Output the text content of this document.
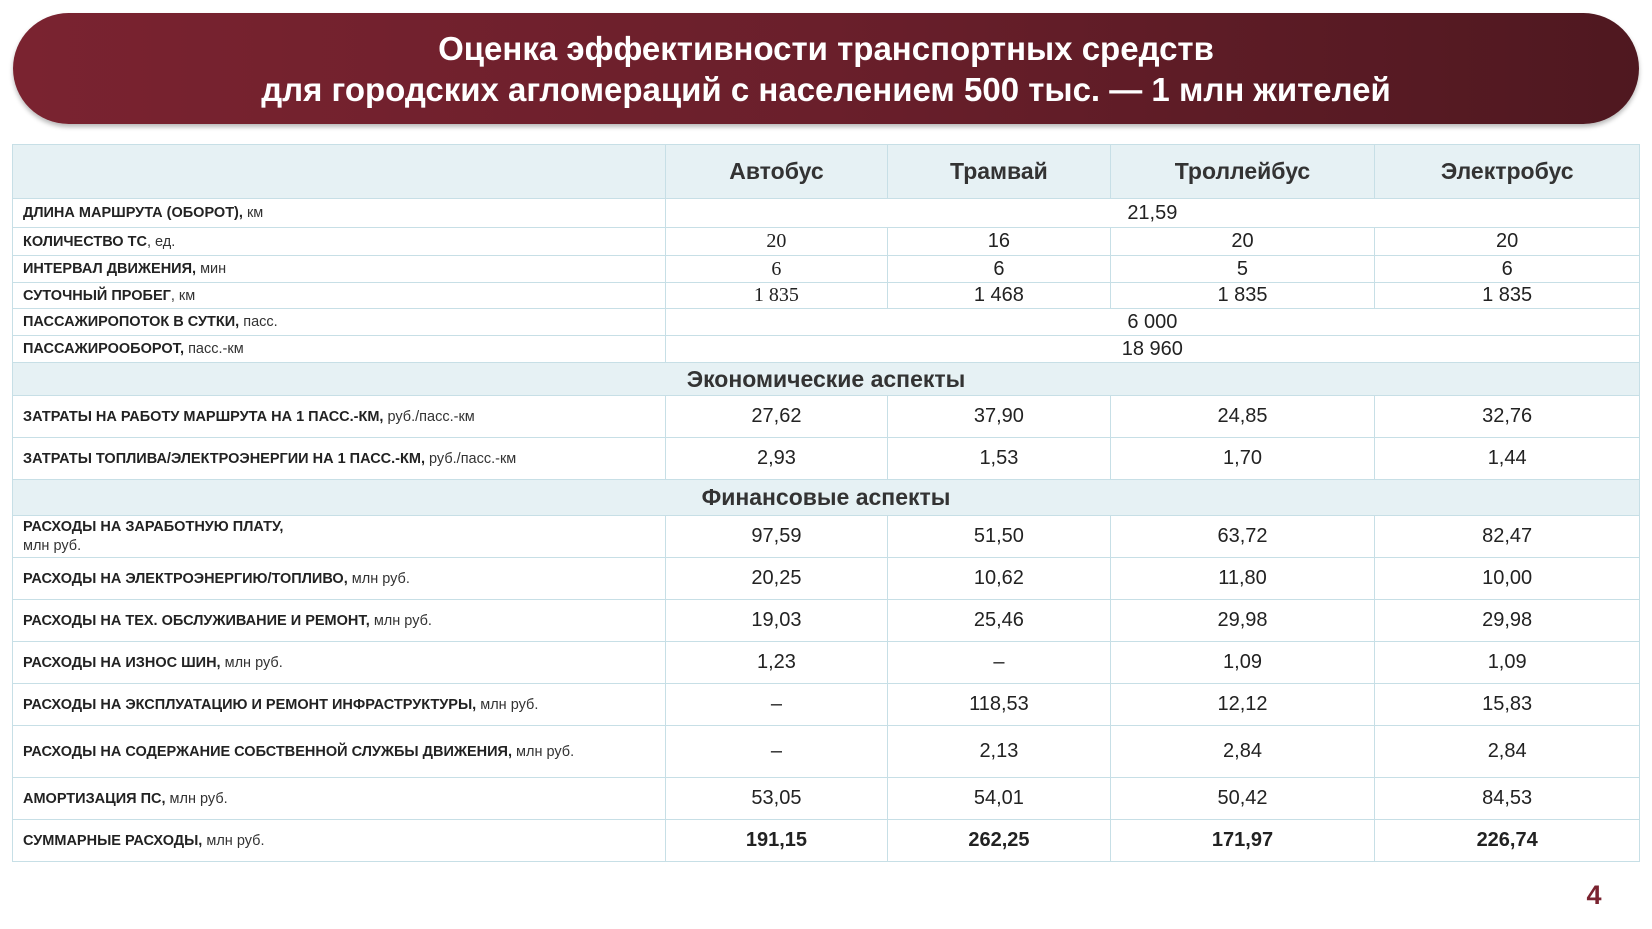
Оценка эффективности транспортных средств
для городских агломераций с населением 500 тыс. — 1 млн жителей
	Автобус	Трамвай	Троллейбус	Электробус
ДЛИНА МАРШРУТА (ОБОРОТ), км	21,59			
КОЛИЧЕСТВО ТС, ед.	20	16	20	20
ИНТЕРВАЛ ДВИЖЕНИЯ, мин	6	6	5	6
СУТОЧНЫЙ ПРОБЕГ, км	1 835	1 468	1 835	1 835
ПАССАЖИРОПОТОК В СУТКИ, пасс.	6 000			
ПАССАЖИРООБОРОТ, пасс.-км	18 960			
Экономические аспекты				
ЗАТРАТЫ НА РАБОТУ МАРШРУТА НА 1 ПАСС.-КМ, руб./пасс.-км	27,62	37,90	24,85	32,76
ЗАТРАТЫ ТОПЛИВА/ЭЛЕКТРОЭНЕРГИИ НА 1 ПАСС.-КМ, руб./пасс.-км	2,93	1,53	1,70	1,44
Финансовые аспекты				
РАСХОДЫ НА ЗАРАБОТНУЮ ПЛАТУ,
млн руб.	97,59	51,50	63,72	82,47
РАСХОДЫ НА ЭЛЕКТРОЭНЕРГИЮ/ТОПЛИВО, млн руб.	20,25	10,62	11,80	10,00
РАСХОДЫ НА ТЕХ. ОБСЛУЖИВАНИЕ И РЕМОНТ, млн руб.	19,03	25,46	29,98	29,98
РАСХОДЫ НА ИЗНОС ШИН, млн руб.	1,23	–	1,09	1,09
РАСХОДЫ НА ЭКСПЛУАТАЦИЮ И РЕМОНТ ИНФРАСТРУКТУРЫ, млн руб.	–	118,53	12,12	15,83
РАСХОДЫ НА СОДЕРЖАНИЕ СОБСТВЕННОЙ СЛУЖБЫ ДВИЖЕНИЯ, млн руб.	–	2,13	2,84	2,84
АМОРТИЗАЦИЯ ПС, млн руб.	53,05	54,01	50,42	84,53
СУММАРНЫЕ РАСХОДЫ, млн руб.	191,15	262,25	171,97	226,74
4
